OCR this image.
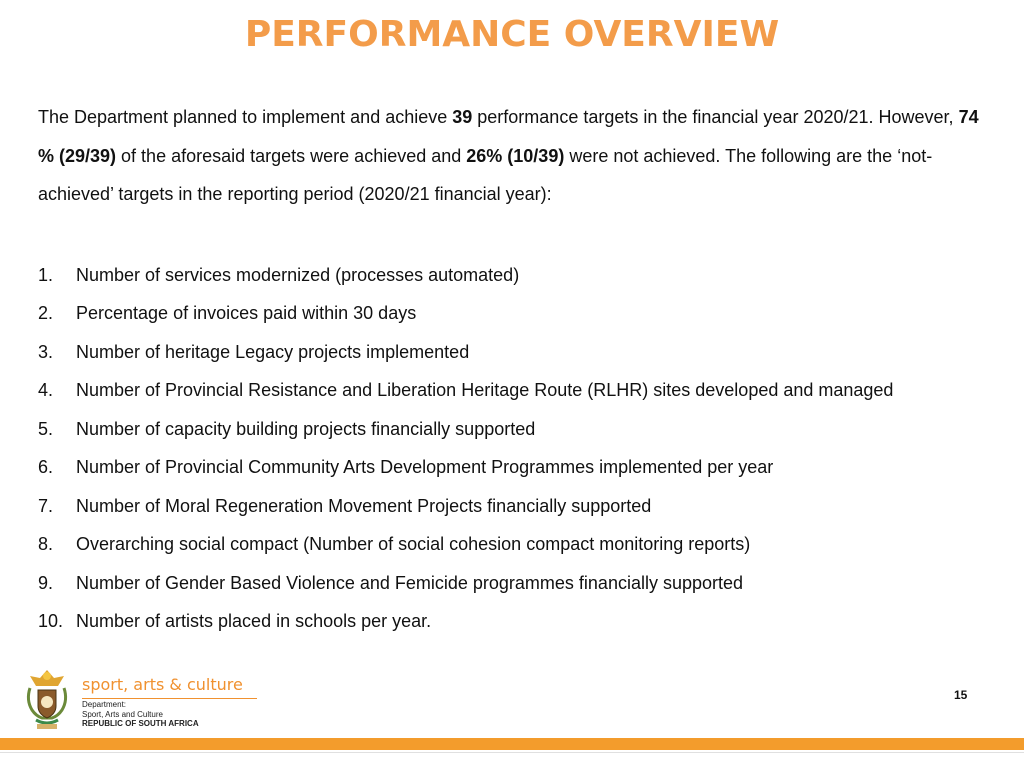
PERFORMANCE OVERVIEW
The Department planned to implement and achieve 39 performance targets in the financial year 2020/21. However, 74 % (29/39) of the aforesaid targets were achieved and 26% (10/39) were not achieved. The following are the ‘not-achieved’ targets in the reporting period (2020/21 financial year):
1.	Number of services modernized (processes automated)
2.	Percentage of invoices paid within 30 days
3.	Number of heritage Legacy projects implemented
4.	Number of Provincial Resistance and Liberation Heritage Route (RLHR) sites developed and managed
5.	Number of capacity building projects financially supported
6.	Number of Provincial Community Arts Development Programmes implemented per year
7.	Number of Moral Regeneration Movement Projects financially supported
8.	Overarching social compact (Number of social cohesion compact monitoring reports)
9.	Number of Gender Based Violence and Femicide programmes financially supported
10. Number of artists placed in schools per year.
sport, arts & culture
Department:
Sport, Arts and Culture
REPUBLIC OF SOUTH AFRICA
15
